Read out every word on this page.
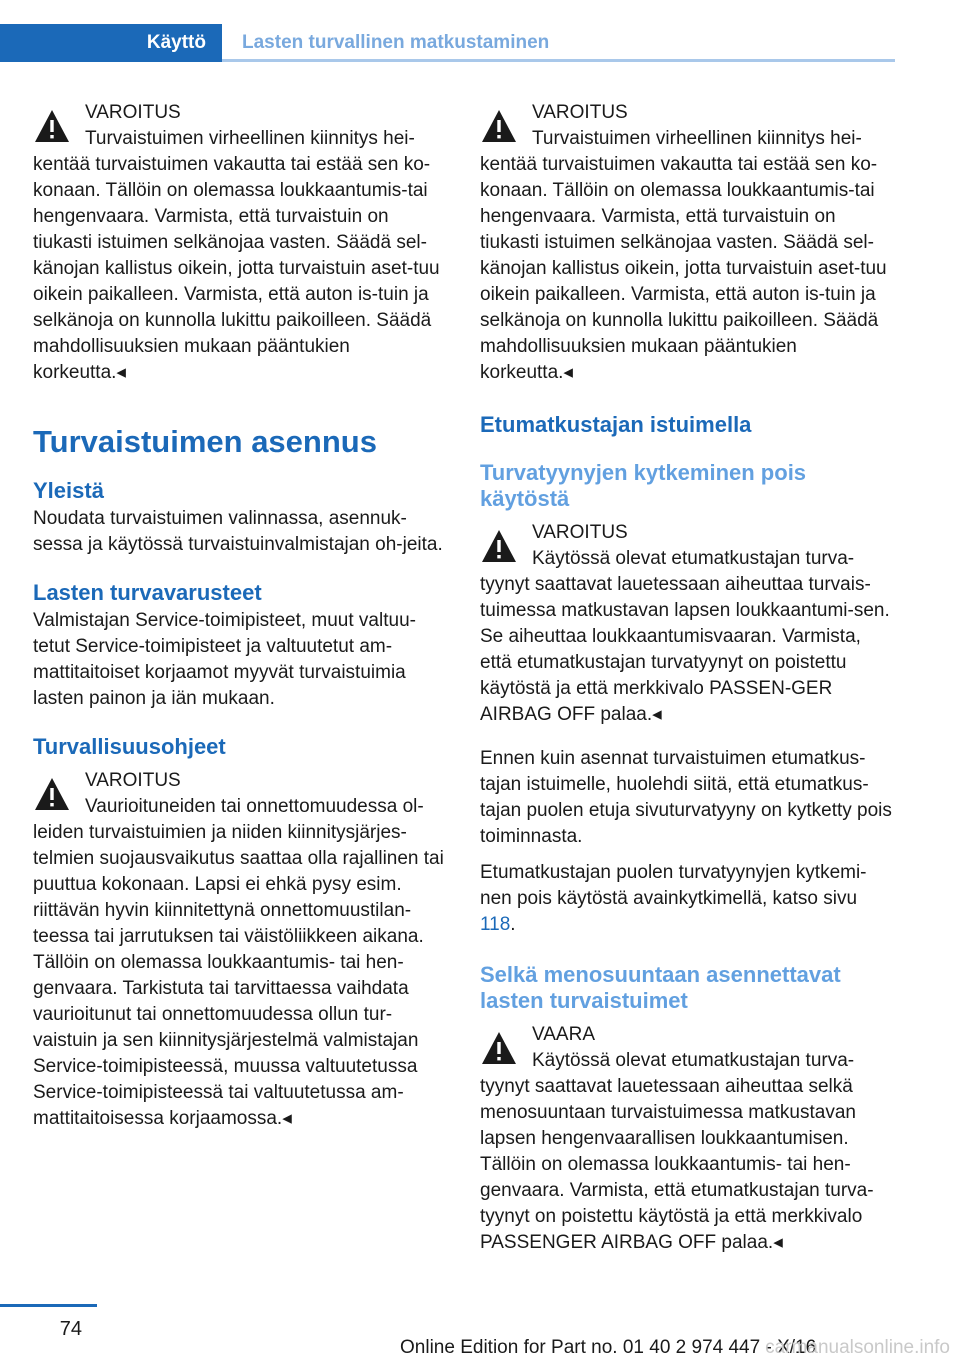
Käyttö	Lasten turvallinen matkustaminen
VAROITUS
Turvaistuimen virheellinen kiinnitys hei-kentää turvaistuimen vakautta tai estää sen ko-konaan. Tällöin on olemassa loukkaantumis-tai hengenvaara. Varmista, että turvaistuin on tiukasti istuimen selkänojaa vasten. Säädä sel-känojan kallistus oikein, jotta turvaistuin aset-tuu oikein paikalleen. Varmista, että auton is-tuin ja selkänoja on kunnolla lukittu paikoilleen. Säädä mahdollisuuksien mukaan pääntukien korkeutta.◂
Turvaistuimen asennus
Yleistä

Noudata turvaistuimen valinnassa, asennuk-sessa ja käytössä turvaistuinvalmistajan oh-jeita.

Lasten turvavarusteet

Valmistajan Service-toimipisteet, muut valtuu-tetut Service-toimipisteet ja valtuutetut am-mattitaitoiset korjaamot myyvät turvaistuimia lasten painon ja iän mukaan.

Turvallisuusohjeet
VAROITUS
Vaurioituneiden tai onnettomuudessa ol-leiden turvaistuimien ja niiden kiinnitysjärjes-telmien suojausvaikutus saattaa olla rajallinen tai puuttua kokonaan. Lapsi ei ehkä pysy esim. riittävän hyvin kiinnitettynä onnettomuustilan-teessa tai jarrutuksen tai väistöliikkeen aikana. Tällöin on olemassa loukkaantumis- tai hen-genvaara. Tarkistuta tai tarvittaessa vaihdata vaurioitunut tai onnettomuudessa ollun tur-vaistuin ja sen kiinnitysjärjestelmä valmistajan Service-toimipisteessä, muussa valtuutetussa Service-toimipisteessä tai valtuutetussa am-mattitaitoisessa korjaamossa.◂
VAROITUS
Turvaistuimen virheellinen kiinnitys hei-kentää turvaistuimen vakautta tai estää sen ko-konaan. Tällöin on olemassa loukkaantumis-tai hengenvaara. Varmista, että turvaistuin on tiukasti istuimen selkänojaa vasten. Säädä sel-känojan kallistus oikein, jotta turvaistuin aset-tuu oikein paikalleen. Varmista, että auton is-tuin ja selkänoja on kunnolla lukittu paikoilleen. Säädä mahdollisuuksien mukaan pääntukien korkeutta.◂
Etumatkustajan istuimella
Turvatyynyjen kytkeminen pois käytöstä
VAROITUS
Käytössä olevat etumatkustajan turva-tyynyt saattavat lauetessaan aiheuttaa turvais-tuimessa matkustavan lapsen loukkaantumi-sen. Se aiheuttaa loukkaantumisvaaran. Varmista, että etumatkustajan turvatyynyt on poistettu käytöstä ja että merkkivalo PASSEN-GER AIRBAG OFF palaa.◂

Ennen kuin asennat turvaistuimen etumatkus-tajan istuimelle, huolehdi siitä, että etumatkus-tajan puolen etuja sivuturvatyyny on kytketty pois toiminnasta.

Etumatkustajan puolen turvatyynyjen kytkemi-nen pois käytöstä avainkytkimellä, katso sivu 118.

Selkä menosuuntaan asennettavat lasten turvaistuimet
VAARA
Käytössä olevat etumatkustajan turva-tyynyt saattavat lauetessaan aiheuttaa selkä menosuuntaan turvaistuimessa matkustavan lapsen hengenvaarallisen loukkaantumisen. Tällöin on olemassa loukkaantumis- tai hen-genvaara. Varmista, että etumatkustajan turva-tyynyt on poistettu käytöstä ja että merkkivalo PASSENGER AIRBAG OFF palaa.◂
74
Online Edition for Part no. 01 40 2 974 447 - X/16
carmanualsonline.info
